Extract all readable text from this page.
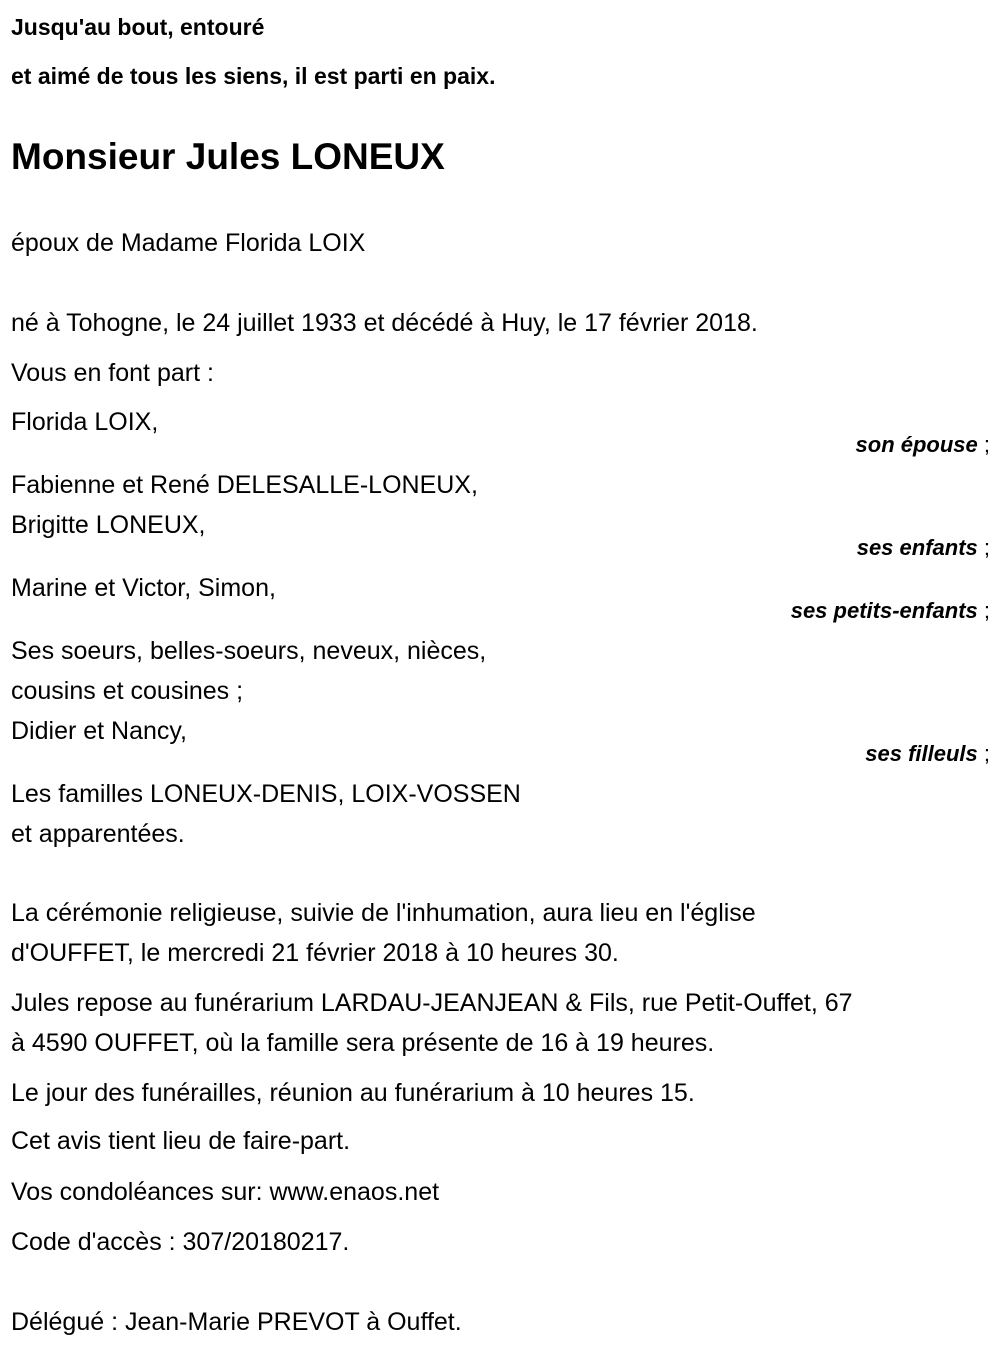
Jusqu'au bout, entouré
et aimé de tous les siens, il est parti en paix.
Monsieur Jules LONEUX
époux de Madame Florida LOIX
né à Tohogne, le 24 juillet 1933 et décédé à Huy, le 17 février 2018.
Vous en font part :
Florida LOIX,
son épouse ;
Fabienne et René DELESALLE-LONEUX,
Brigitte LONEUX,
ses enfants ;
Marine et Victor, Simon,
ses petits-enfants ;
Ses soeurs, belles-soeurs, neveux, nièces,
cousins et cousines ;
Didier et Nancy,
ses filleuls ;
Les familles LONEUX-DENIS, LOIX-VOSSEN
et apparentées.
La cérémonie religieuse, suivie de l'inhumation, aura lieu en l'église
d'OUFFET, le mercredi 21 février 2018 à 10 heures 30.
Jules repose au funérarium LARDAU-JEANJEAN & Fils, rue Petit-Ouffet, 67
à 4590 OUFFET, où la famille sera présente de 16 à 19 heures.
Le jour des funérailles, réunion au funérarium à 10 heures 15.
Cet avis tient lieu de faire-part.
Vos condoléances sur: www.enaos.net
Code d'accès : 307/20180217.
Délégué : Jean-Marie PREVOT à Ouffet.
